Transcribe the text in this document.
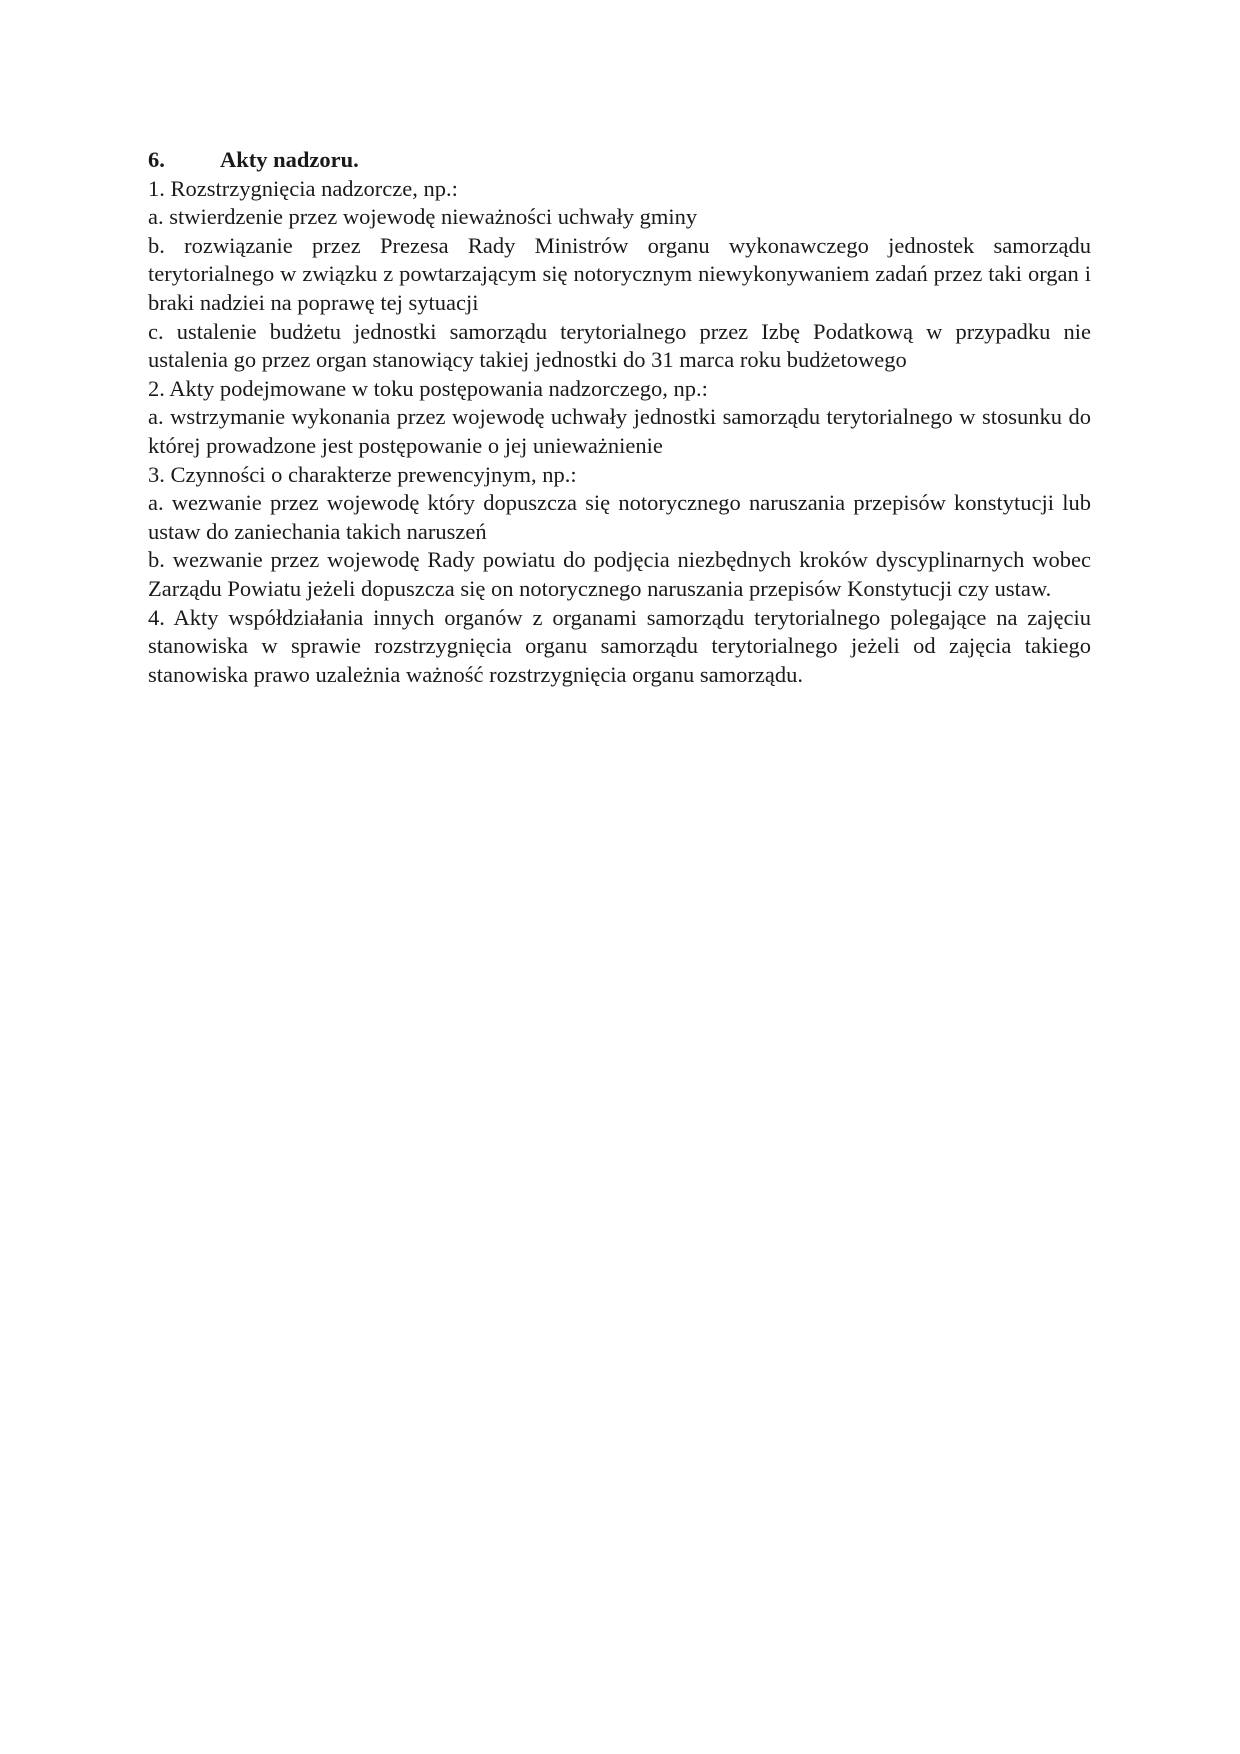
6.	Akty nadzoru.

1. Rozstrzygnięcia nadzorcze, np.:

a. stwierdzenie przez wojewodę nieważności uchwały gminy

b. rozwiązanie przez Prezesa Rady Ministrów organu wykonawczego jednostek samorządu terytorialnego w związku z powtarzającym się notorycznym niewykonywaniem zadań przez taki organ i braki nadziei na poprawę tej sytuacji

c. ustalenie budżetu jednostki samorządu terytorialnego przez Izbę Podatkową w przypadku nie ustalenia go przez organ stanowiący takiej jednostki do 31 marca roku budżetowego

2. Akty podejmowane w toku postępowania nadzorczego, np.:

a. wstrzymanie wykonania przez wojewodę uchwały jednostki samorządu terytorialnego w stosunku do której prowadzone jest postępowanie o jej unieważnienie

3. Czynności o charakterze prewencyjnym, np.:

a. wezwanie przez wojewodę który dopuszcza się notorycznego naruszania przepisów konstytucji lub ustaw do zaniechania takich naruszeń

b. wezwanie przez wojewodę Rady powiatu do podjęcia niezbędnych kroków dyscyplinarnych wobec Zarządu Powiatu jeżeli dopuszcza się on notorycznego naruszania przepisów Konstytucji czy ustaw.

4. Akty współdziałania innych organów z organami samorządu terytorialnego polegające na zajęciu stanowiska w sprawie rozstrzygnięcia organu samorządu terytorialnego jeżeli od zajęcia takiego stanowiska prawo uzależnia ważność rozstrzygnięcia organu samorządu.
